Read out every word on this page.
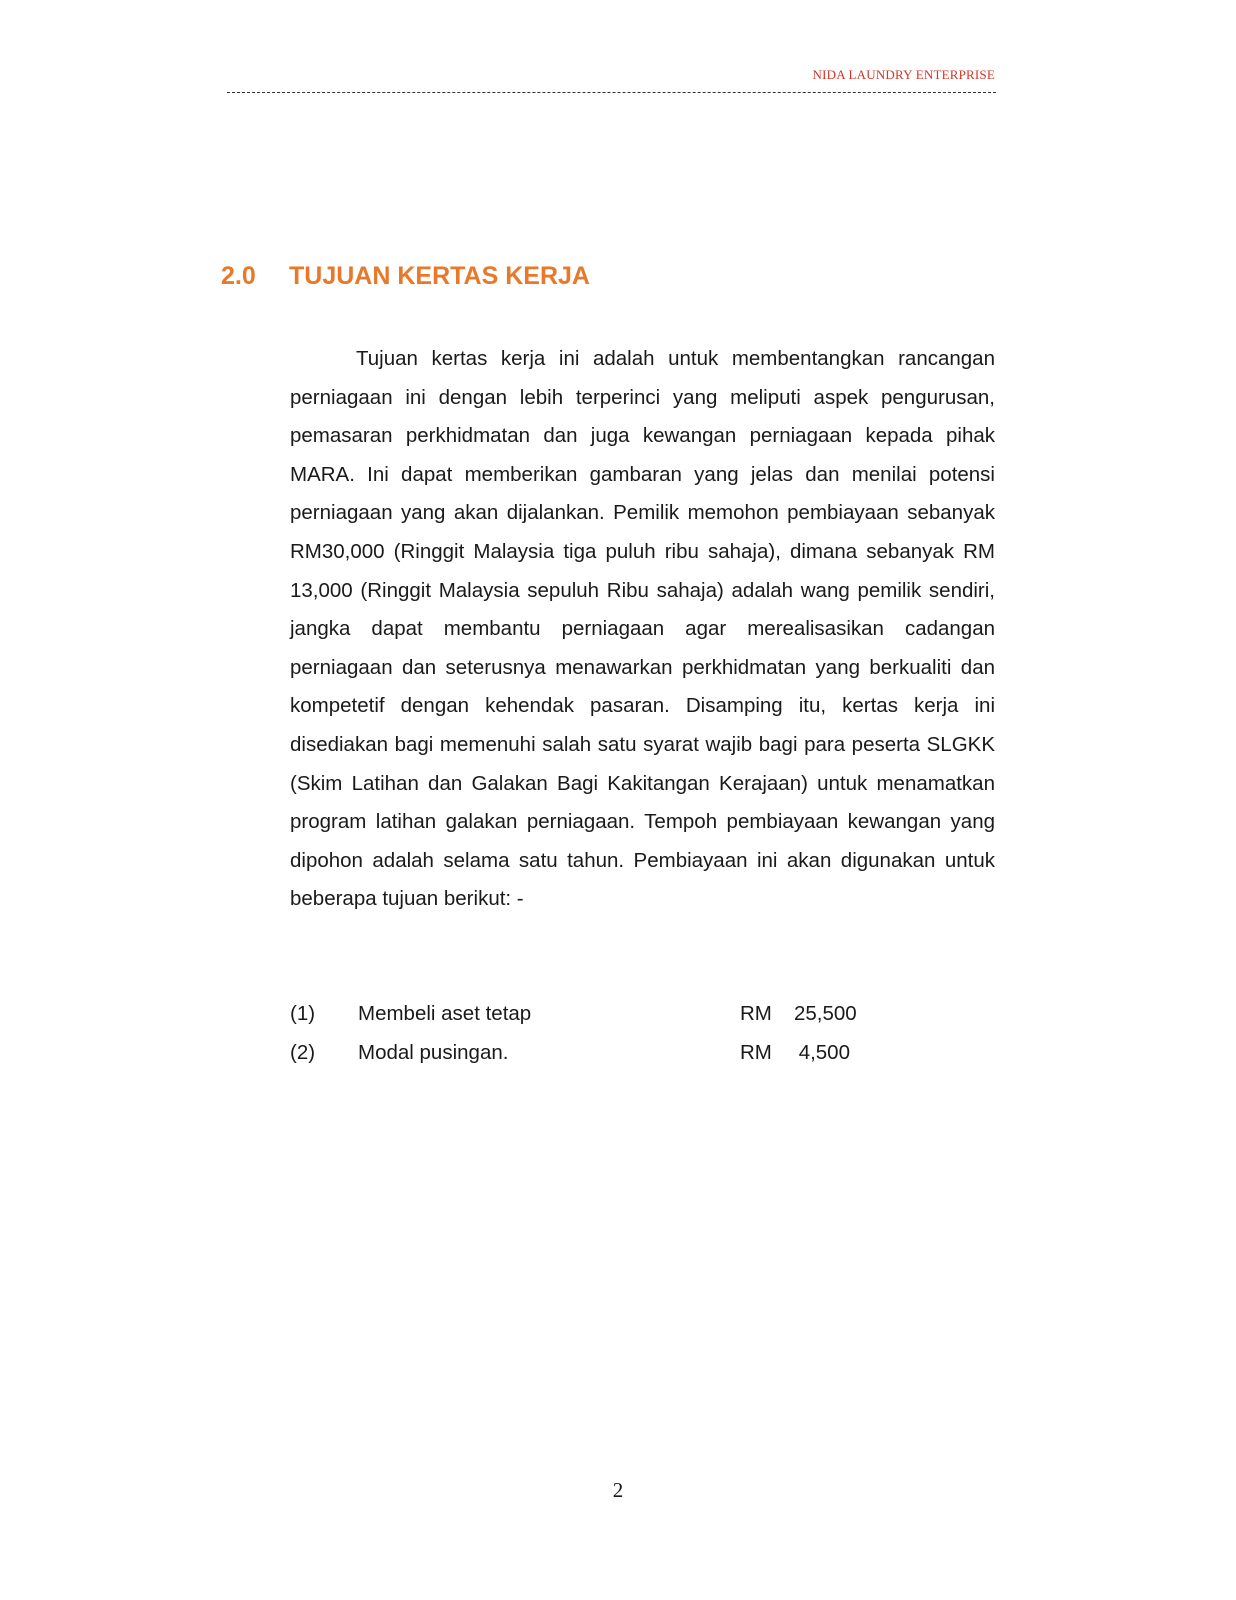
NIDA LAUNDRY ENTERPRISE
2.0 TUJUAN KERTAS KERJA

Tujuan kertas kerja ini adalah untuk membentangkan rancangan perniagaan ini dengan lebih terperinci yang meliputi aspek pengurusan, pemasaran perkhidmatan dan juga kewangan perniagaan kepada pihak MARA. Ini dapat memberikan gambaran yang jelas dan menilai potensi perniagaan yang akan dijalankan. Pemilik memohon pembiayaan sebanyak RM30,000 (Ringgit Malaysia tiga puluh ribu sahaja), dimana sebanyak RM 13,000 (Ringgit Malaysia sepuluh Ribu sahaja) adalah wang pemilik sendiri, jangka dapat membantu perniagaan agar merealisasikan cadangan perniagaan dan seterusnya menawarkan perkhidmatan yang berkualiti dan kompetetif dengan kehendak pasaran. Disamping itu, kertas kerja ini disediakan bagi memenuhi salah satu syarat wajib bagi para peserta SLGKK (Skim Latihan dan Galakan Bagi Kakitangan Kerajaan) untuk menamatkan program latihan galakan perniagaan. Tempoh pembiayaan kewangan yang dipohon adalah selama satu tahun. Pembiayaan ini akan digunakan untuk beberapa tujuan berikut: -

(1)	Membeli aset tetap	RM	25,500
(2)	Modal pusingan.	RM	4,500
2
